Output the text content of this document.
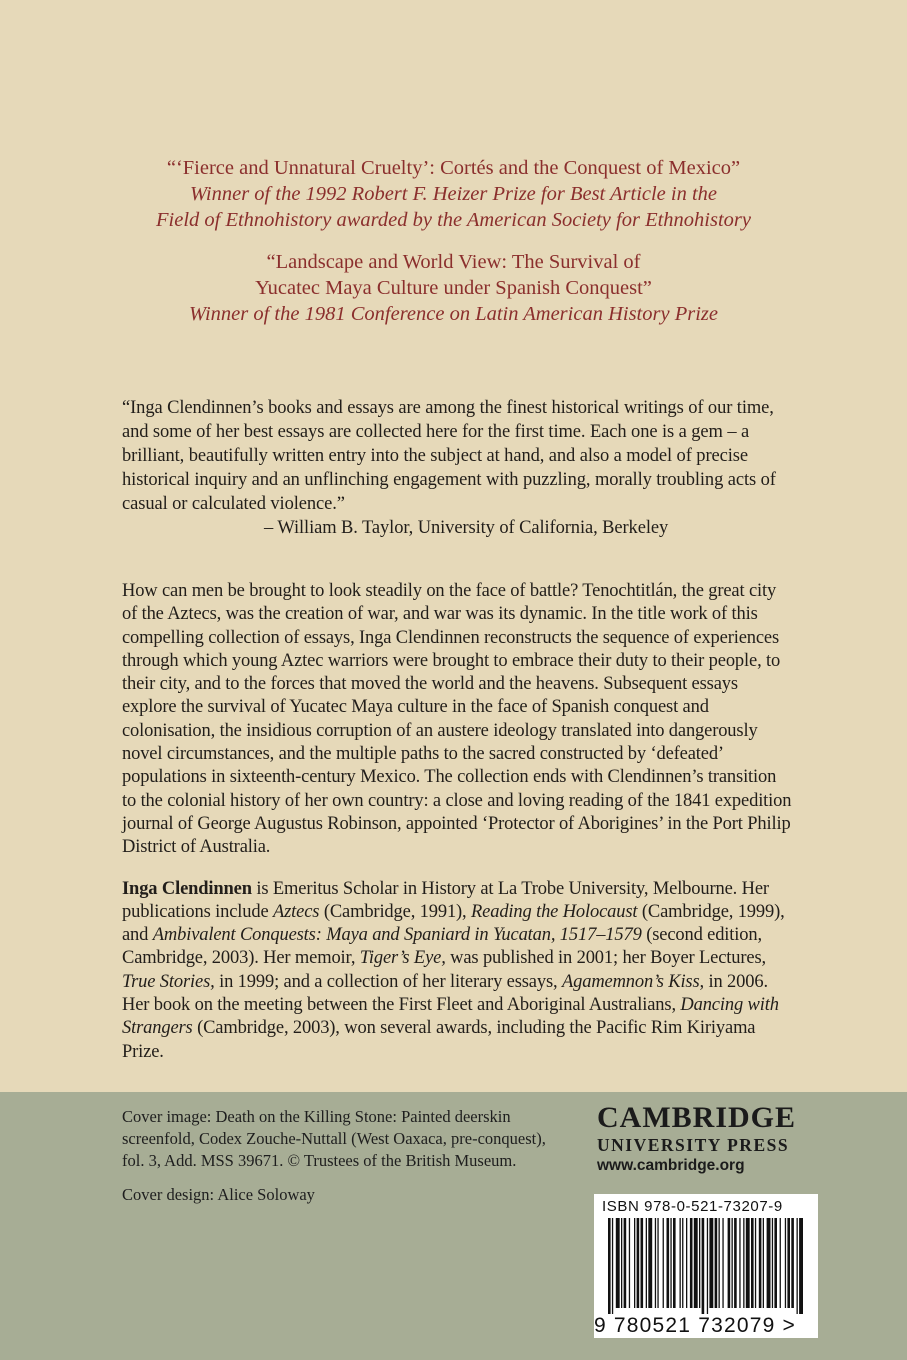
“‘Fierce and Unnatural Cruelty’: Cortés and the Conquest of Mexico”
Winner of the 1992 Robert F. Heizer Prize for Best Article in the
Field of Ethnohistory awarded by the American Society for Ethnohistory
“Landscape and World View: The Survival of
Yucatec Maya Culture under Spanish Conquest”
Winner of the 1981 Conference on Latin American History Prize

“Inga Clendinnen’s books and essays are among the finest historical writings of our time, and some of her best essays are collected here for the first time. Each one is a gem – a brilliant, beautifully written entry into the subject at hand, and also a model of precise historical inquiry and an unflinching engagement with puzzling, morally troubling acts of casual or calculated violence.”

– William B. Taylor, University of California, Berkeley

How can men be brought to look steadily on the face of battle? Tenochtitlán, the great city of the Aztecs, was the creation of war, and war was its dynamic. In the title work of this compelling collection of essays, Inga Clendinnen reconstructs the sequence of experiences through which young Aztec warriors were brought to embrace their duty to their people, to their city, and to the forces that moved the world and the heavens. Subsequent essays explore the survival of Yucatec Maya culture in the face of Spanish conquest and colonisation, the insidious corruption of an austere ideology translated into dangerously novel circumstances, and the multiple paths to the sacred constructed by ‘defeated’ populations in sixteenth-century Mexico. The collection ends with Clendinnen’s transition to the colonial history of her own country: a close and loving reading of the 1841 expedition journal of George Augustus Robinson, appointed ‘Protector of Aborigines’ in the Port Philip District of Australia.

Inga Clendinnen is Emeritus Scholar in History at La Trobe University, Melbourne. Her publications include Aztecs (Cambridge, 1991), Reading the Holocaust (Cambridge, 1999), and Ambivalent Conquests: Maya and Spaniard in Yucatan, 1517–1579 (second edition, Cambridge, 2003). Her memoir, Tiger’s Eye, was published in 2001; her Boyer Lectures, True Stories, in 1999; and a collection of her literary essays, Agamemnon’s Kiss, in 2006. Her book on the meeting between the First Fleet and Aboriginal Australians, Dancing with Strangers (Cambridge, 2003), won several awards, including the Pacific Rim Kiriyama Prize.

Cover image: Death on the Killing Stone: Painted deerskin

screenfold, Codex Zouche-Nuttall (West Oaxaca, pre-conquest),

fol. 3, Add. MSS 39671. © Trustees of the British Museum.

Cover design: Alice Soloway

CAMBRIDGE
UNIVERSITY PRESS
www.cambridge.org
ISBN 978-0-521-73207-9
9 780521 732079 >
